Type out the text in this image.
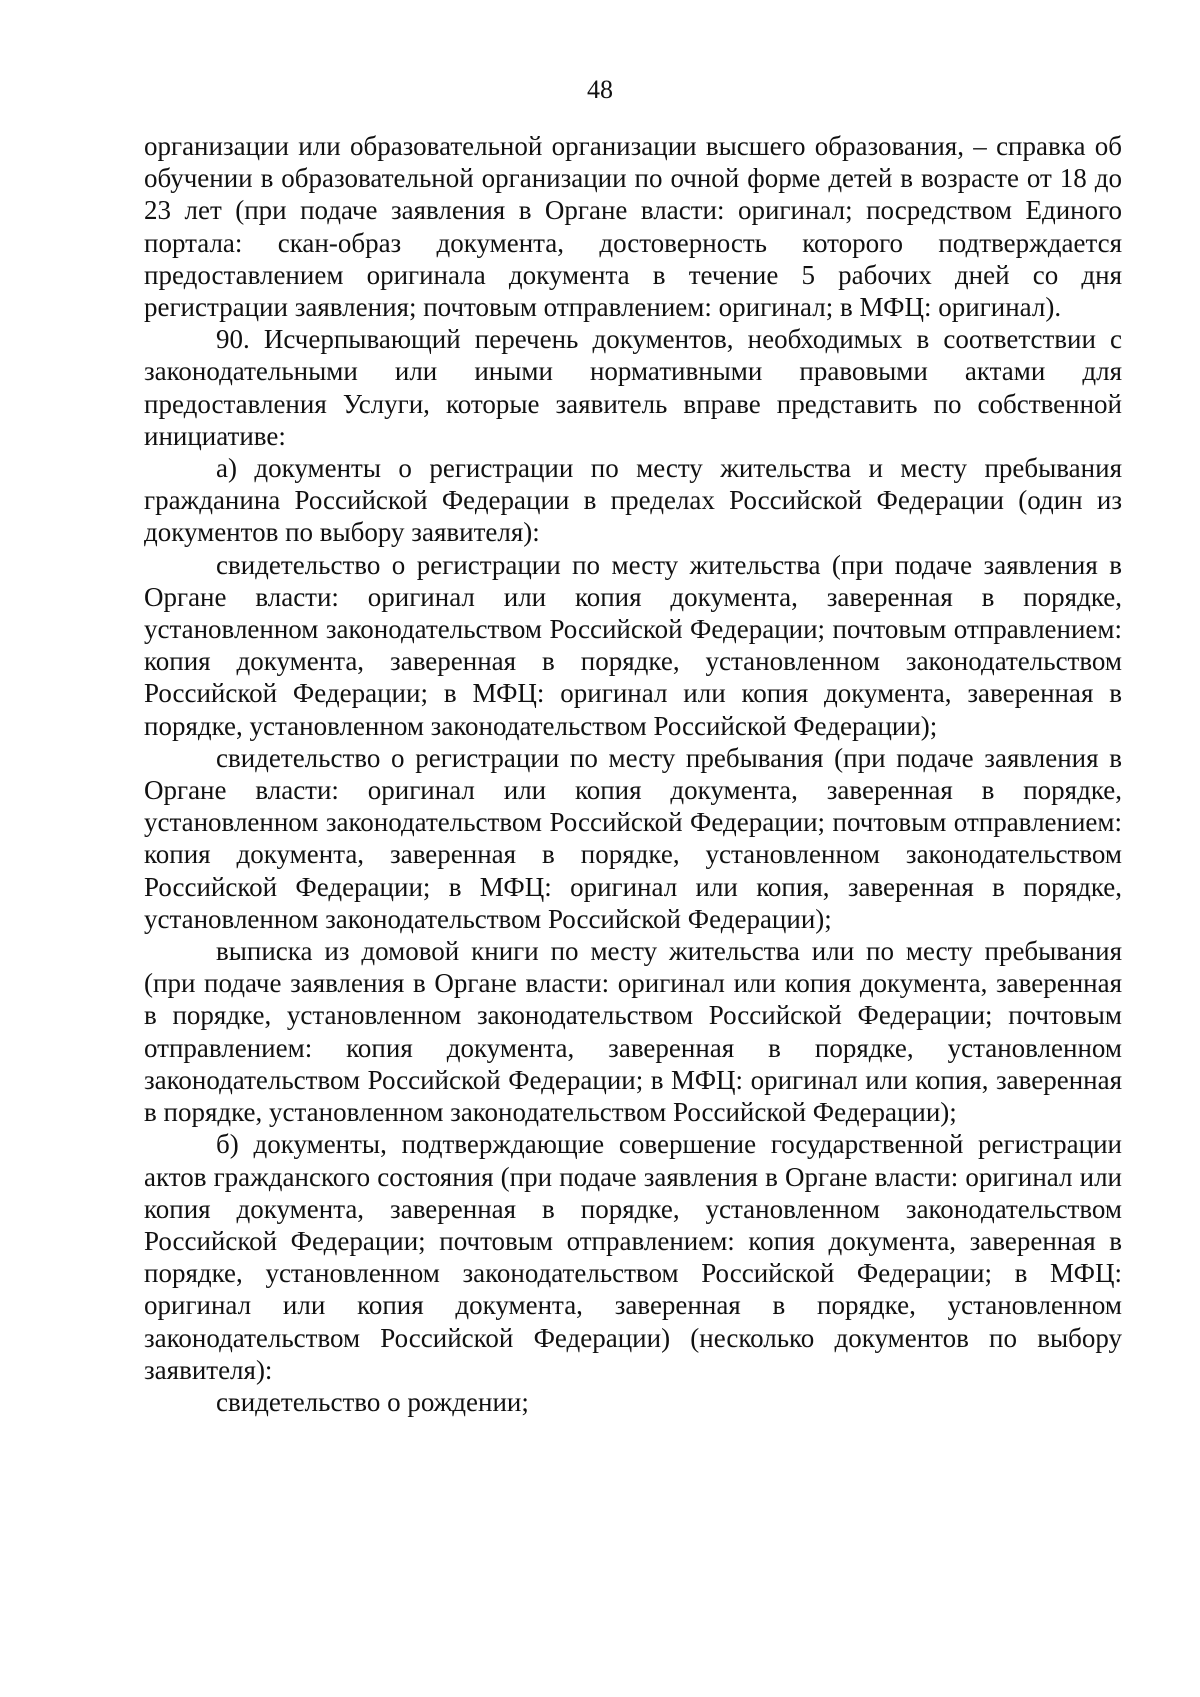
48

организации или образовательной организации высшего образования, – справка об обучении в образовательной организации по очной форме детей в возрасте от 18 до 23 лет (при подаче заявления в Органе власти: оригинал; посредством Единого портала: скан-образ документа, достоверность которого подтверждается предоставлением оригинала документа в течение 5 рабочих дней со дня регистрации заявления; почтовым отправлением: оригинал; в МФЦ: оригинал).

90. Исчерпывающий перечень документов, необходимых в соответствии с законодательными или иными нормативными правовыми актами для предоставления Услуги, которые заявитель вправе представить по собственной инициативе:

а) документы о регистрации по месту жительства и месту пребывания гражданина Российской Федерации в пределах Российской Федерации (один из документов по выбору заявителя):

свидетельство о регистрации по месту жительства (при подаче заявления в Органе власти: оригинал или копия документа, заверенная в порядке, установленном законодательством Российской Федерации; почтовым отправлением: копия документа, заверенная в порядке, установленном законодательством Российской Федерации; в МФЦ: оригинал или копия документа, заверенная в порядке, установленном законодательством Российской Федерации);

свидетельство о регистрации по месту пребывания (при подаче заявления в Органе власти: оригинал или копия документа, заверенная в порядке, установленном законодательством Российской Федерации; почтовым отправлением: копия документа, заверенная в порядке, установленном законодательством Российской Федерации; в МФЦ: оригинал или копия, заверенная в порядке, установленном законодательством Российской Федерации);

выписка из домовой книги по месту жительства или по месту пребывания (при подаче заявления в Органе власти: оригинал или копия документа, заверенная в порядке, установленном законодательством Российской Федерации; почтовым отправлением: копия документа, заверенная в порядке, установленном законодательством Российской Федерации; в МФЦ: оригинал или копия, заверенная в порядке, установленном законодательством Российской Федерации);

б) документы, подтверждающие совершение государственной регистрации актов гражданского состояния (при подаче заявления в Органе власти: оригинал или копия документа, заверенная в порядке, установленном законодательством Российской Федерации; почтовым отправлением: копия документа, заверенная в порядке, установленном законодательством Российской Федерации; в МФЦ: оригинал или копия документа, заверенная в порядке, установленном законодательством Российской Федерации) (несколько документов по выбору заявителя):

свидетельство о рождении;
